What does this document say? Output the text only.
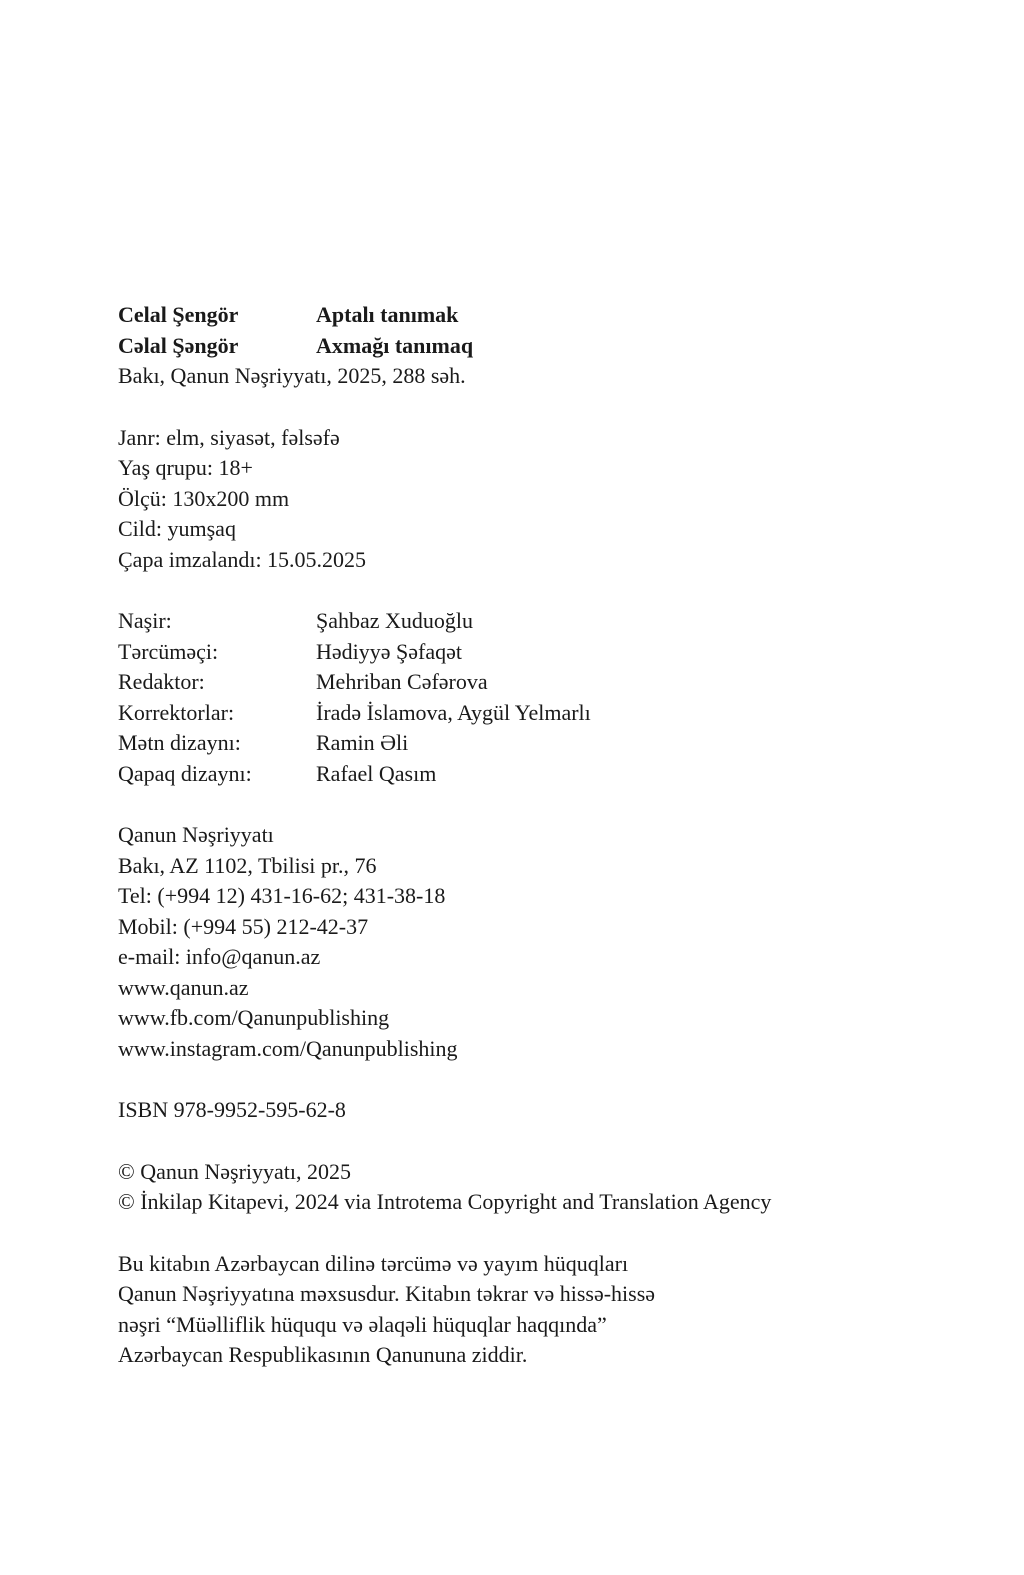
Celal Şengör	Aptalı tanımak
Cəlal Şəngör	Axmağı tanımaq
Bakı, Qanun Nəşriyyatı, 2025, 288 səh.
Janr: elm, siyasət, fəlsəfə
Yaş qrupu: 18+
Ölçü: 130x200 mm
Cild: yumşaq
Çapa imzalandı: 15.05.2025
Naşir:	Şahbaz Xuduoğlu
Tərcüməçi:	Hədiyyə Şəfaqət
Redaktor:	Mehriban Cəfərova
Korrektorlar:	İradə İslamova, Aygül Yelmarlı
Mətn dizaynı:	Ramin Əli
Qapaq dizaynı:	Rafael Qasım
Qanun Nəşriyyatı
Bakı, AZ 1102, Tbilisi pr., 76
Tel: (+994 12) 431-16-62; 431-38-18
Mobil: (+994 55) 212-42-37
e-mail: info@qanun.az
www.qanun.az
www.fb.com/Qanunpublishing
www.instagram.com/Qanunpublishing
ISBN 978-9952-595-62-8
© Qanun Nəşriyyatı, 2025
© İnkilap Kitapevi, 2024 via Introtema Copyright and Translation Agency
Bu kitabın Azərbaycan dilinə tərcümə və yayım hüquqları
Qanun Nəşriyyatına məxsusdur. Kitabın təkrar və hissə-hissə
nəşri “Müəlliflik hüququ və əlaqəli hüquqlar haqqında”
Azərbaycan Respublikasının Qanununa ziddir.
